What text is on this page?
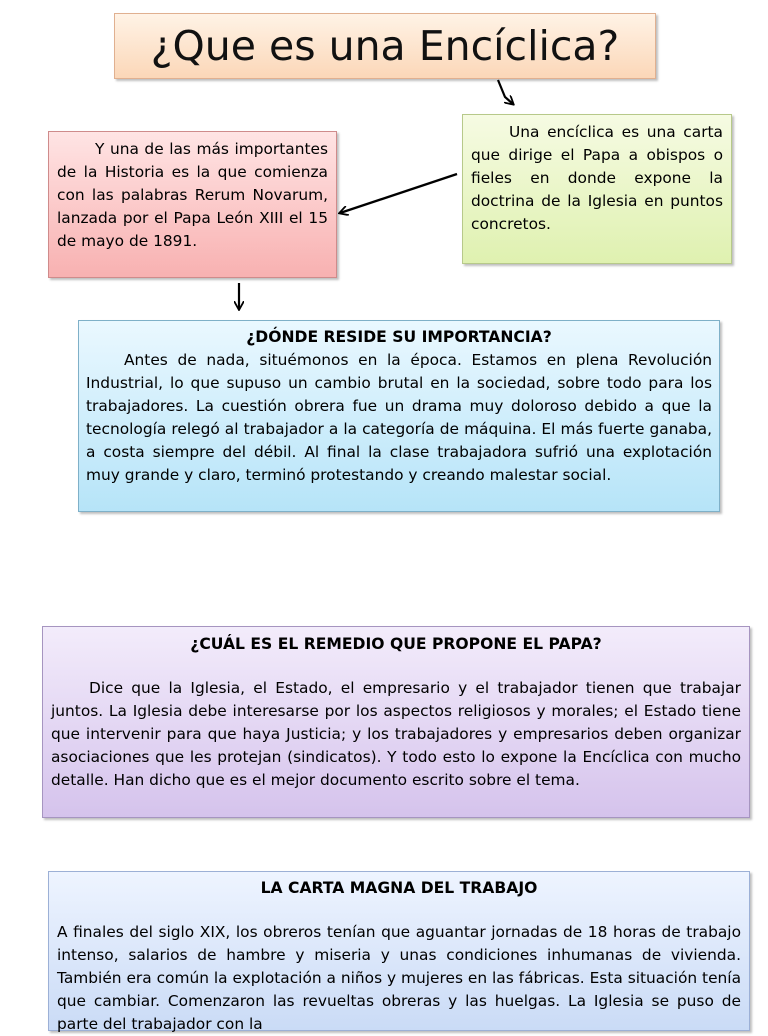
¿Que es una Encíclica?

Una encíclica es una carta que dirige el Papa a obispos o fieles en donde expone la doctrina de la Iglesia en puntos concretos.

Y una de las más importantes de la Historia es la que comienza con las palabras Rerum Novarum, lanzada por el Papa León XIII el 15 de mayo de 1891.

¿DÓNDE RESIDE SU IMPORTANCIA?

Antes de nada, situémonos en la época. Estamos en plena Revolución Industrial, lo que supuso un cambio brutal en la sociedad, sobre todo para los trabajadores. La cuestión obrera fue un drama muy doloroso debido a que la tecnología relegó al trabajador a la categoría de máquina. El más fuerte ganaba, a costa siempre del débil. Al final la clase trabajadora sufrió una explotación muy grande y claro, terminó protestando y creando malestar social.

¿CUÁL ES EL REMEDIO QUE PROPONE EL PAPA?

Dice que la Iglesia, el Estado, el empresario y el trabajador tienen que trabajar juntos. La Iglesia debe interesarse por los aspectos religiosos y morales; el Estado tiene que intervenir para que haya Justicia; y los trabajadores y empresarios deben organizar asociaciones que les protejan (sindicatos). Y todo esto lo expone la Encíclica con mucho detalle. Han dicho que es el mejor documento escrito sobre el tema.

LA CARTA MAGNA DEL TRABAJO

A finales del siglo XIX, los obreros tenían que aguantar jornadas de 18 horas de trabajo intenso, salarios de hambre y miseria y unas condiciones inhumanas de vivienda. También era común la explotación a niños y mujeres en las fábricas. Esta situación tenía que cambiar. Comenzaron las revueltas obreras y las huelgas. La Iglesia se puso de parte del trabajador con la
